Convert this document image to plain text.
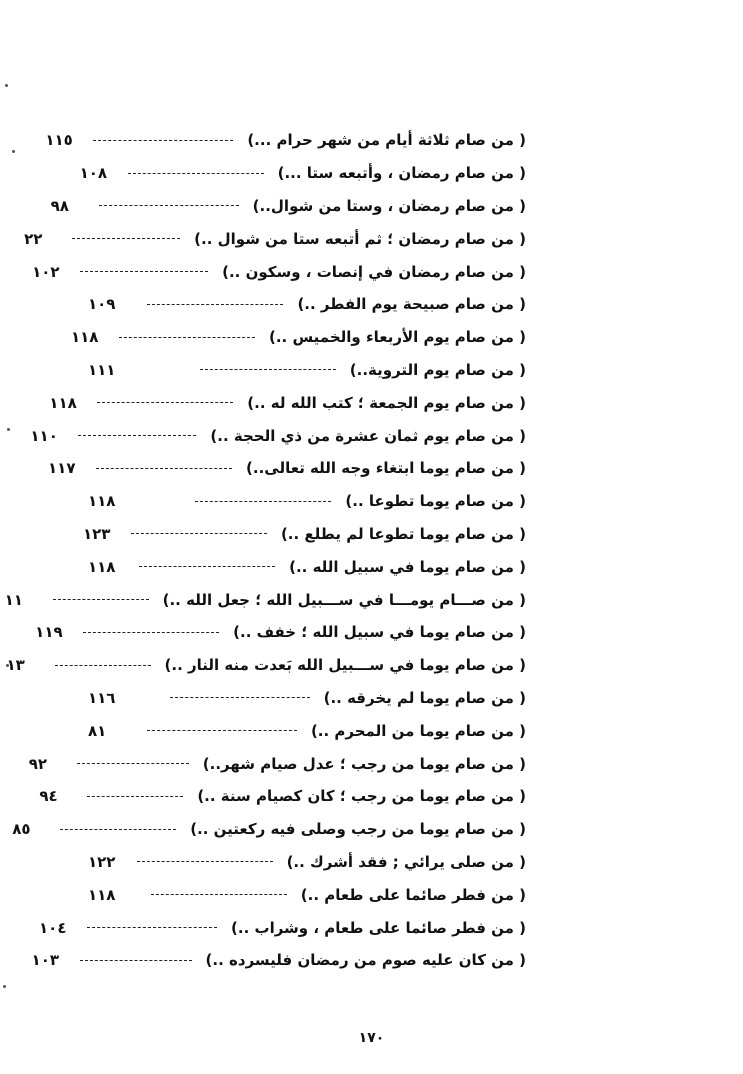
( من صام ثلاثة أيام من شهر حرام ...)
١١٥
( من صام رمضان ، وأتبعه ستا ...)
١٠٨
( من صام رمضان ، وستا من شوال..)
٩٨
( من صام رمضان ؛ ثم أتبعه ستا من شوال ..)
٢٢
( من صام رمضان في إنصات ، وسكون ..)
١٠٢
( من صام صبيحة يوم الفطر ..)
١٠٩
( من صام يوم الأربعاء والخميس ..)
١١٨
( من صام يوم التروية..)
١١١
( من صام يوم الجمعة ؛ كتب الله له ..)
١١٨
( من صام يوم ثمان عشرة من ذي الحجة ..)
١١٠
( من صام يوما ابتغاء وجه الله تعالى..)
١١٧
( من صام يوما تطوعا ..)
١١٨
( من صام يوما تطوعا لم يطلع ..)
١٢٣
( من صام يوما في سبيل الله ..)
١١٨
( من صـــام يومـــا في ســـبيل الله ؛ جعل الله ..)
١١
( من صام يوما في سبيل الله ؛ خفف ..)
١١٩
( من صام يوما في ســـبيل الله بَعدت منه النار ..)
١٣
( من صام يوما لم يخرقه ..)
١١٦
( من صام يوما من المحرم ..)
٨١
( من صام يوما من رجب ؛ عدل صيام شهر..)
٩٢
( من صام يوما من رجب ؛ كان كصيام سنة ..)
٩٤
( من صام يوما من رجب وصلى فيه ركعتين ..)
٨٥
( من صلى يرائي ; فقد أشرك ..)
١٢٢
( من فطر صائما على طعام ..)
١١٨
( من فطر صائما على طعام ، وشراب ..)
١٠٤
( من كان عليه صوم من رمضان فليسرده ..)
١٠٣
١٧٠
